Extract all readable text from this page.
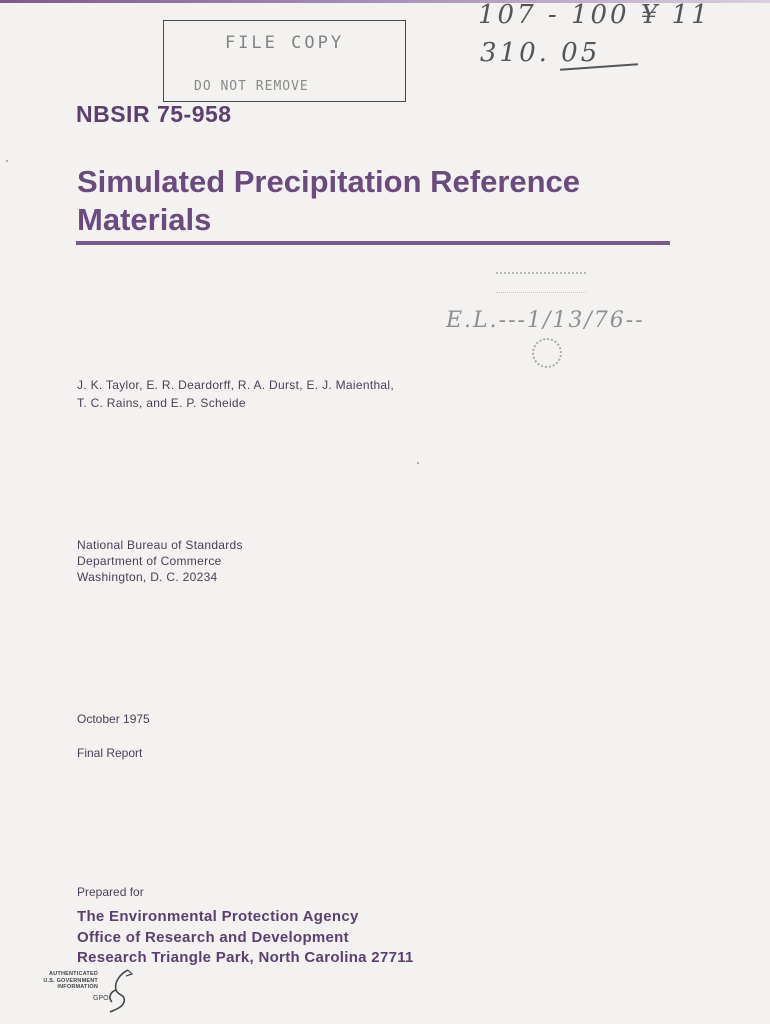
FILE COPY
DO NOT REMOVE
107 - 100 ¥ 11
310. 05
NBSIR 75-958
Simulated Precipitation Reference
Materials
E.L.---1/13/76--
J. K. Taylor, E. R. Deardorff, R. A. Durst, E. J. Maienthal,
T. C. Rains, and E. P. Scheide
National Bureau of Standards
Department of Commerce
Washington, D. C. 20234
October 1975
Final Report
Prepared for
The Environmental Protection Agency
Office of Research and Development
Research Triangle Park, North Carolina 27711
AUTHENTICATED
U.S. GOVERNMENT
INFORMATION
GPO
